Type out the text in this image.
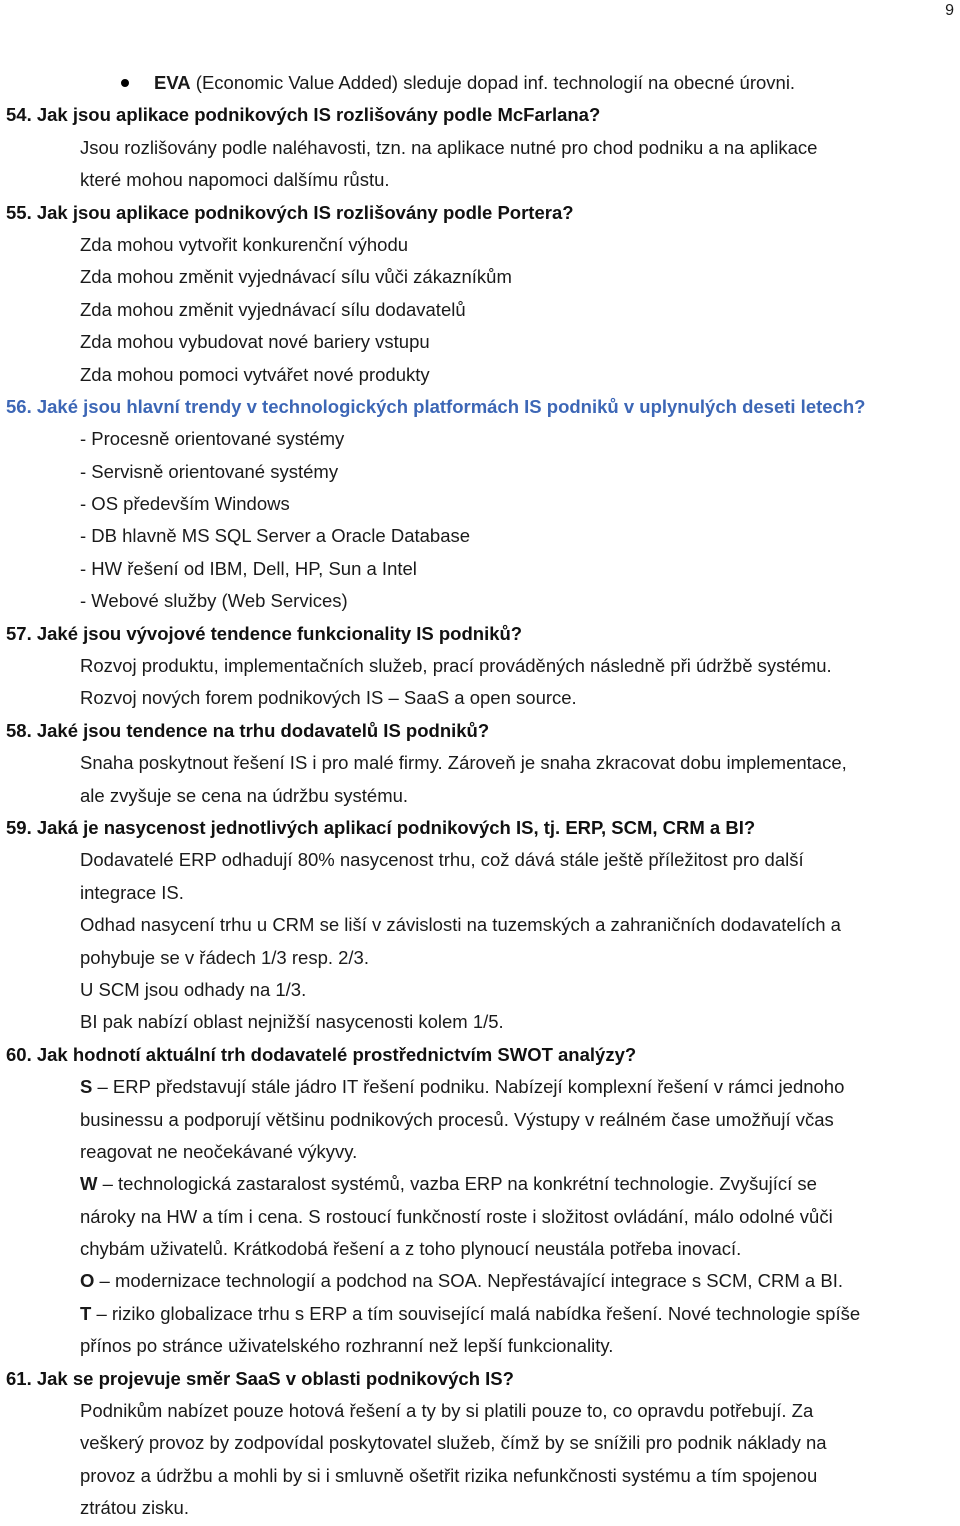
9
EVA (Economic Value Added) sleduje dopad inf. technologií na obecné úrovni.
54. Jak jsou aplikace podnikových IS rozlišovány podle McFarlana?
Jsou rozlišovány podle naléhavosti, tzn. na aplikace nutné pro chod podniku a na aplikace
které mohou napomoci dalšímu růstu.
55. Jak jsou aplikace podnikových IS rozlišovány podle Portera?
Zda mohou vytvořit konkurenční výhodu
Zda mohou změnit vyjednávací sílu vůči zákazníkům
Zda mohou změnit vyjednávací sílu dodavatelů
Zda mohou vybudovat nové bariery vstupu
Zda mohou pomoci vytvářet nové produkty
56. Jaké jsou hlavní trendy v technologických platformách IS podniků v uplynulých deseti letech?
- Procesně orientované systémy
- Servisně orientované systémy
- OS především Windows
- DB hlavně MS SQL Server a Oracle Database
- HW řešení od IBM, Dell, HP, Sun a Intel
- Webové služby (Web Services)
57. Jaké jsou vývojové tendence funkcionality IS podniků?
Rozvoj produktu, implementačních služeb, prací prováděných následně při údržbě systému.
Rozvoj nových forem podnikových IS – SaaS a open source.
58. Jaké jsou tendence na trhu dodavatelů IS podniků?
Snaha poskytnout řešení IS i pro malé firmy. Zároveň je snaha zkracovat dobu implementace,
ale zvyšuje se cena na údržbu systému.
59. Jaká je nasycenost jednotlivých aplikací podnikových IS, tj. ERP, SCM, CRM a BI?
Dodavatelé ERP odhadují 80% nasycenost trhu, což dává stále ještě příležitost pro další
integrace IS.
Odhad nasycení trhu u CRM se liší v závislosti na tuzemských a zahraničních dodavatelích a
pohybuje se v řádech 1/3 resp. 2/3.
U SCM jsou odhady na 1/3.
BI pak nabízí oblast nejnižší nasycenosti kolem 1/5.
60. Jak hodnotí aktuální trh dodavatelé prostřednictvím SWOT analýzy?
S – ERP představují stále jádro IT řešení podniku. Nabízejí komplexní řešení v rámci jednoho
businessu a podporují většinu podnikových procesů. Výstupy v reálném čase umožňují včas
reagovat ne neočekávané výkyvy.
W – technologická zastaralost systémů, vazba ERP na konkrétní technologie. Zvyšující se
nároky na HW a tím i cena. S rostoucí funkčností roste i složitost ovládání, málo odolné vůči
chybám uživatelů. Krátkodobá řešení a z toho plynoucí neustála potřeba inovací.
O – modernizace technologií a podchod na SOA. Nepřestávající integrace s SCM, CRM a BI.
T – riziko globalizace trhu s ERP a tím související malá nabídka řešení. Nové technologie spíše
přínos po stránce uživatelského rozhranní než lepší funkcionality.
61. Jak se projevuje směr SaaS v oblasti podnikových IS?
Podnikům nabízet pouze hotová řešení a ty by si platili pouze to, co opravdu potřebují. Za
veškerý provoz by zodpovídal poskytovatel služeb, čímž by se snížili pro podnik náklady na
provoz a údržbu a mohli by si i smluvně ošetřit rizika nefunkčnosti systému a tím spojenou
ztrátou zisku.
